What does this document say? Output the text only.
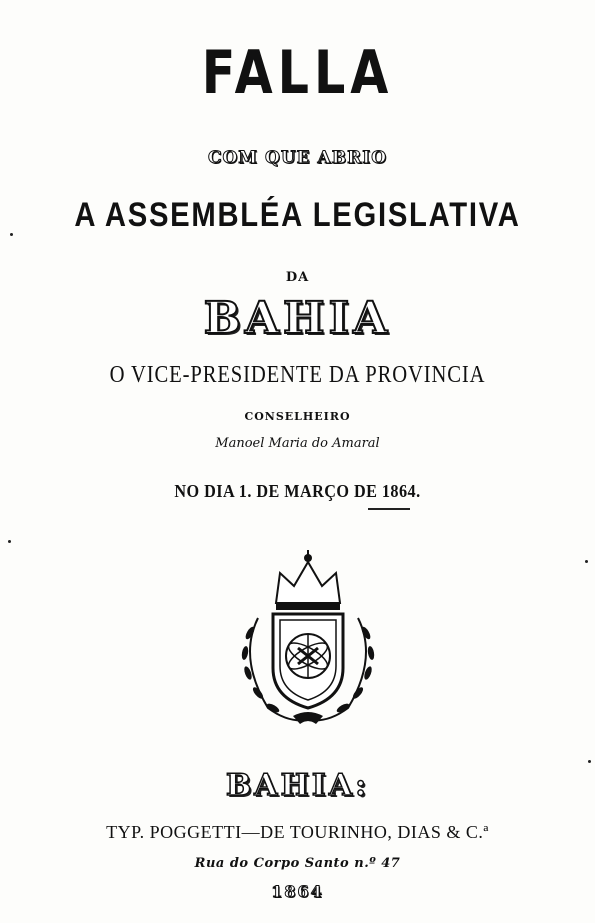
FALLA
COM QUE ABRIO
A ASSEMBLÉA LEGISLATIVA
DA
BAHIA
O VICE-PRESIDENTE DA PROVINCIA
CONSELHEIRO
Manoel Maria do Amaral
NO DIA 1. DE MARÇO DE 1864.
BAHIA:
TYP. POGGETTI—DE TOURINHO, DIAS & C.ª
Rua do Corpo Santo n.º 47
1864
